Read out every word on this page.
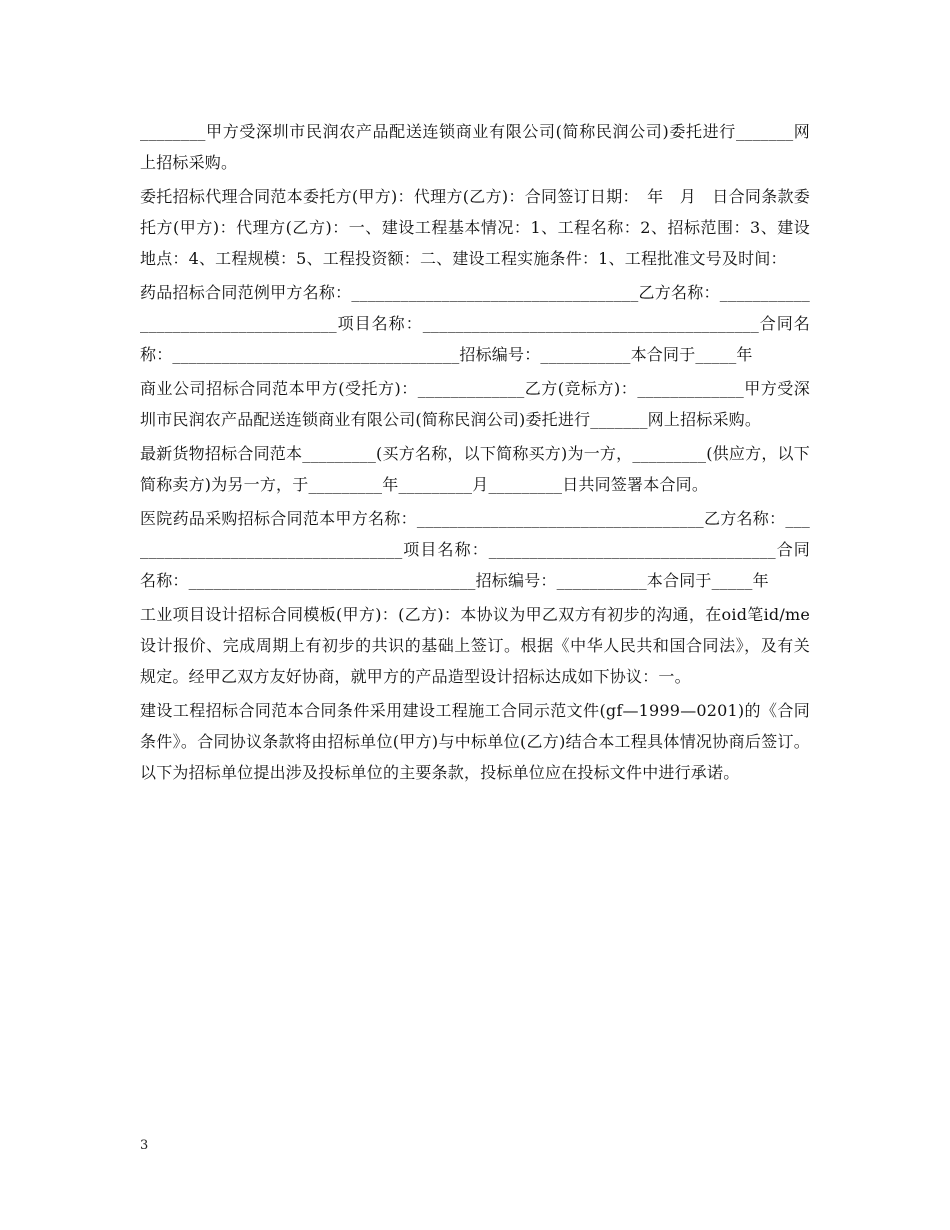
________甲方受深圳市民润农产品配送连锁商业有限公司(简称民润公司)委托进行_______网上招标采购。

委托招标代理合同范本委托方(甲方)：代理方(乙方)：合同签订日期：　年　月　日合同条款委托方(甲方)：代理方(乙方)：一、建设工程基本情况：1、工程名称：2、招标范围：3、建设地点：4、工程规模：5、工程投资额：二、建设工程实施条件：1、工程批准文号及时间：

药品招标合同范例甲方名称：___________________________________乙方名称：___________________________________项目名称：_________________________________________合同名称：___________________________________招标编号：___________本合同于_____年

商业公司招标合同范本甲方(受托方)：_____________乙方(竞标方)：_____________甲方受深圳市民润农产品配送连锁商业有限公司(简称民润公司)委托进行_______网上招标采购。

最新货物招标合同范本_________(买方名称，以下简称买方)为一方，_________(供应方，以下简称卖方)为另一方，于_________年_________月_________日共同签署本合同。

医院药品采购招标合同范本甲方名称：___________________________________乙方名称：___________________________________项目名称：___________________________________合同名称：___________________________________招标编号：___________本合同于_____年

工业项目设计招标合同模板(甲方)：(乙方)：本协议为甲乙双方有初步的沟通，在oid笔id/me设计报价、完成周期上有初步的共识的基础上签订。根据《中华人民共和国合同法》，及有关规定。经甲乙双方友好协商，就甲方的产品造型设计招标达成如下协议：一。

建设工程招标合同范本合同条件采用建设工程施工合同示范文件(gf—1999—0201)的《合同条件》。合同协议条款将由招标单位(甲方)与中标单位(乙方)结合本工程具体情况协商后签订。以下为招标单位提出涉及投标单位的主要条款，投标单位应在投标文件中进行承诺。

3
